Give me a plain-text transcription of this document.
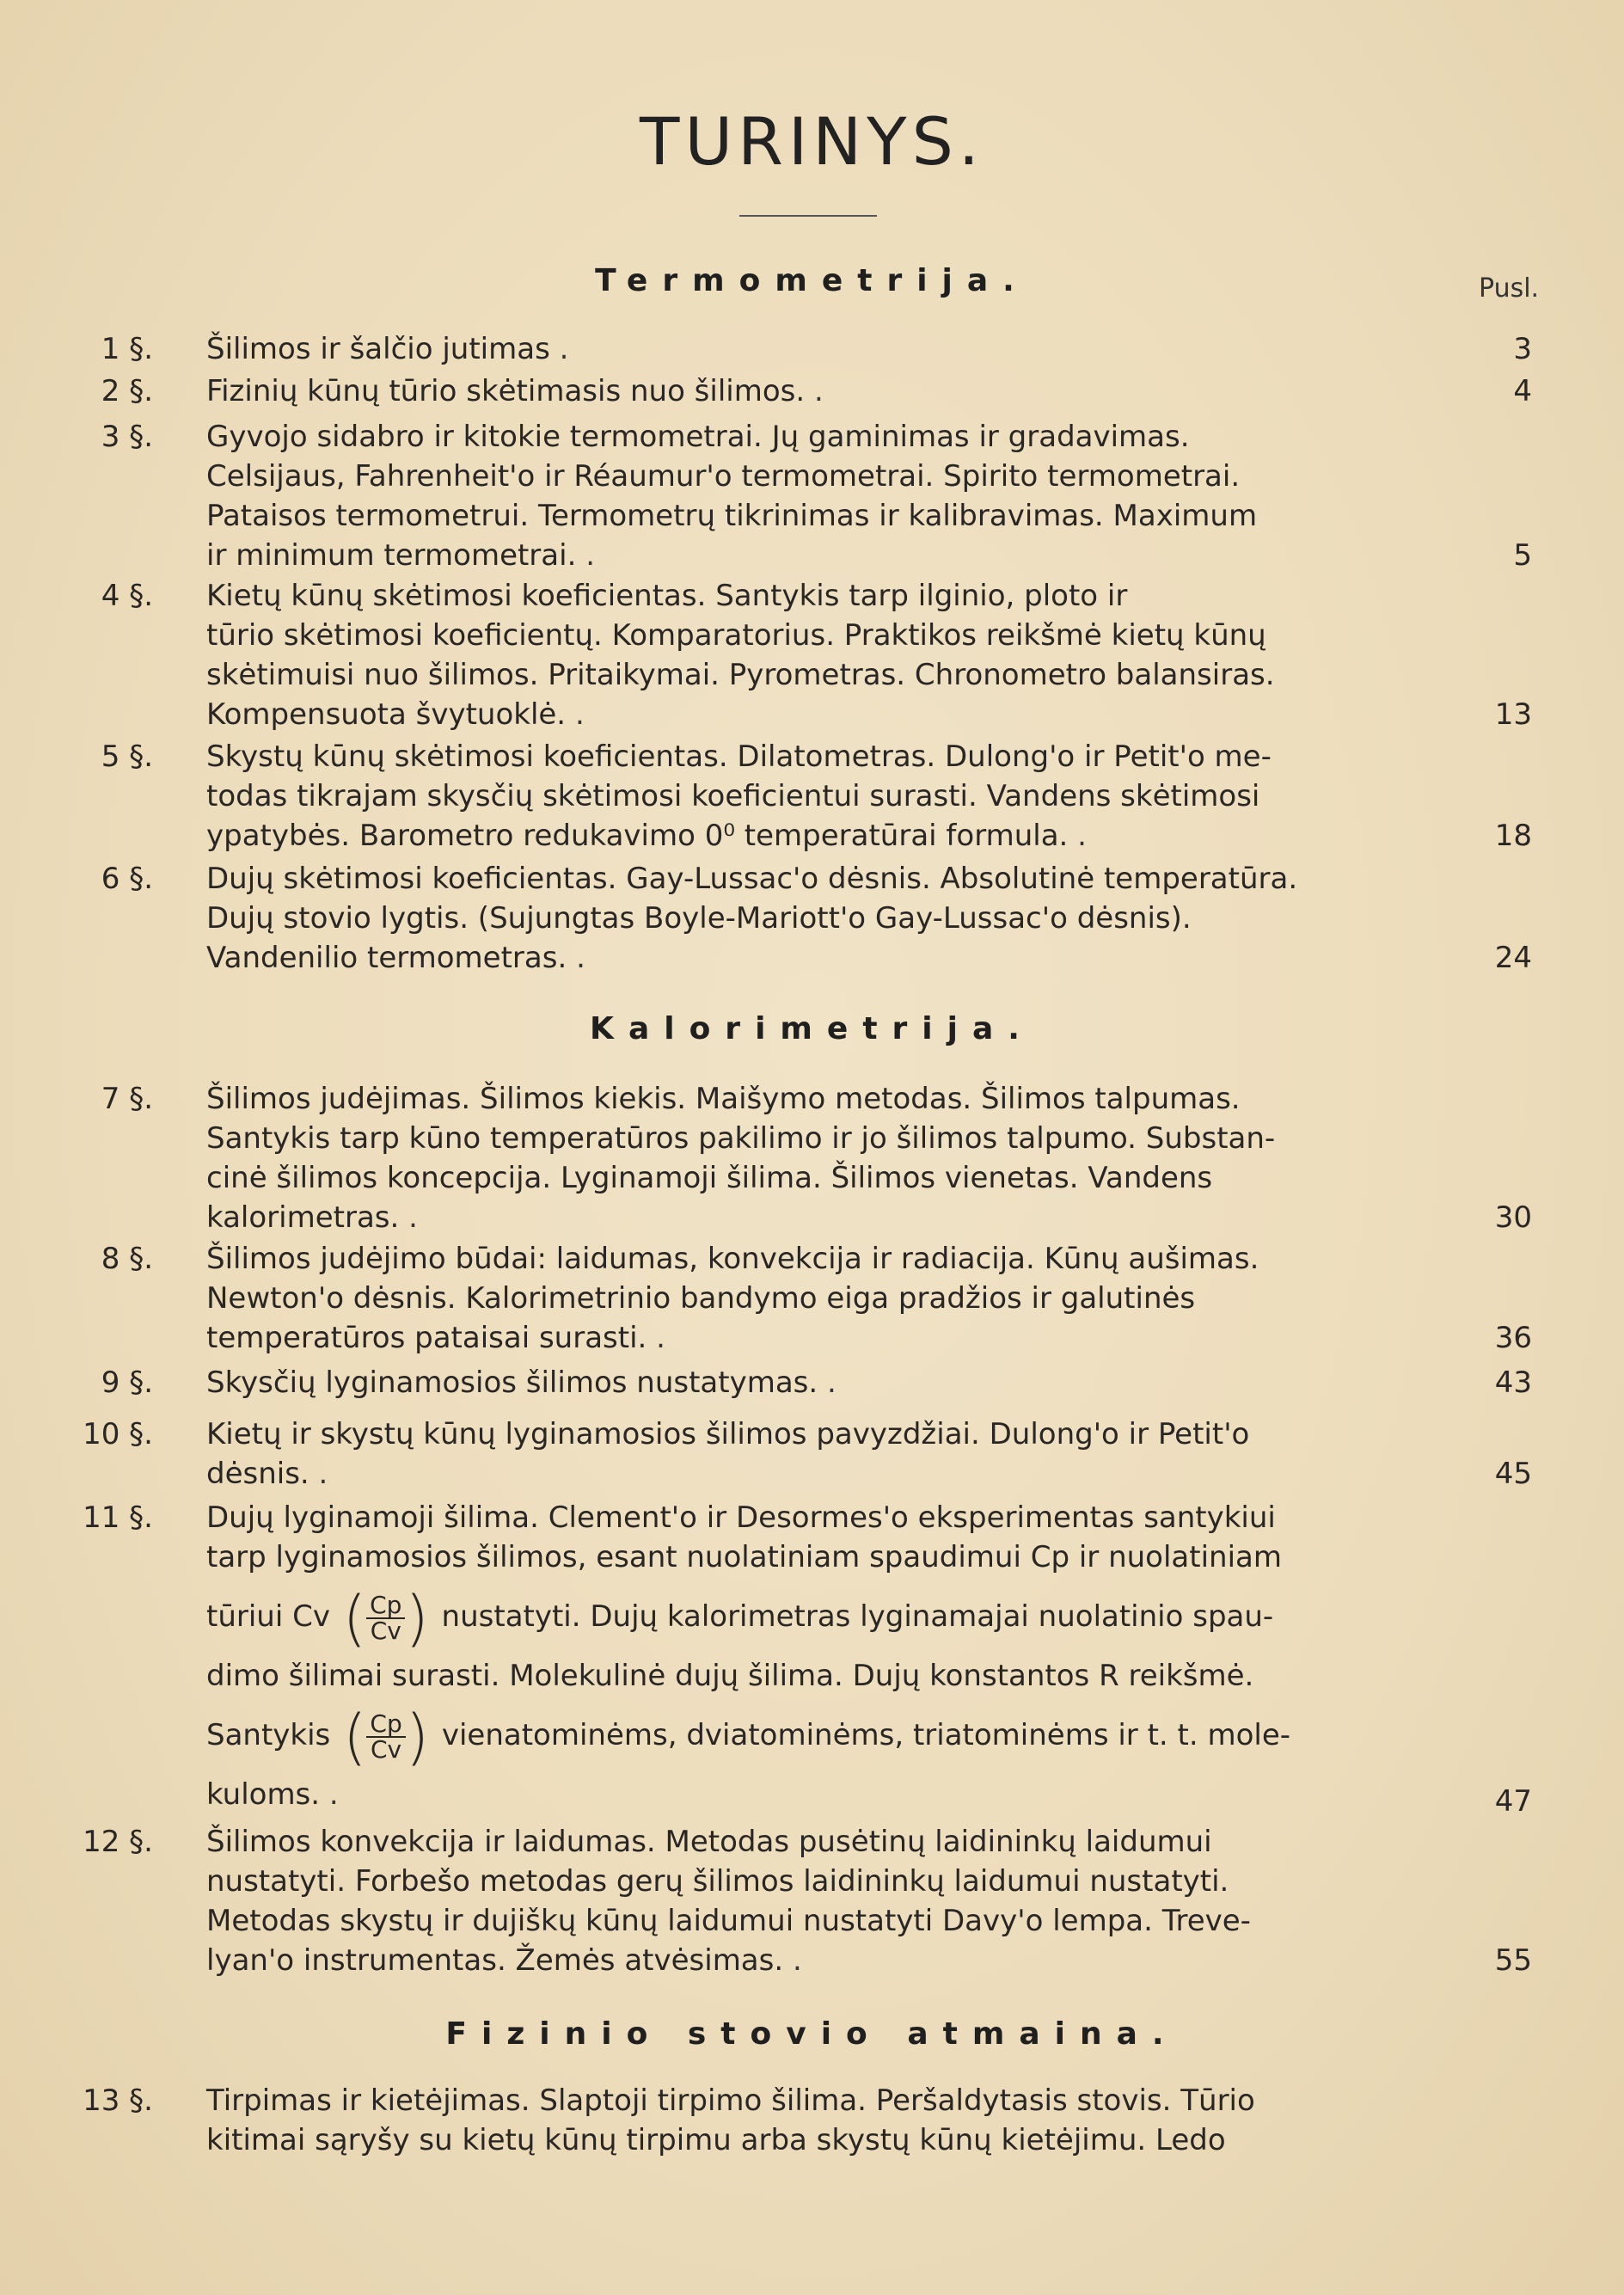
TURINYS.
Pusl.
Termometrija.
1 §. Šilimos ir šalčio jutimas .	3
2 §. Fizinių kūnų tūrio skėtimasis nuo šilimos. .	4
3 §. Gyvojo sidabro ir kitokie termometrai. Jų gaminimas ir gradavimas.
Celsijaus, Fahrenheit'o ir Réaumur'o termometrai. Spirito termometrai.
Pataisos termometrui. Termometrų tikrinimas ir kalibravimas. Maximum
ir minimum termometrai. .	5
4 §. Kietų kūnų skėtimosi koeficientas. Santykis tarp ilginio, ploto ir
tūrio skėtimosi koeficientų. Komparatorius. Praktikos reikšmė kietų kūnų
skėtimuisi nuo šilimos. Pritaikymai. Pyrometras. Chronometro balansiras.
Kompensuota švytuoklė. .	13
5 §. Skystų kūnų skėtimosi koeficientas. Dilatometras. Dulong'o ir Petit'o me-
todas tikrajam skysčių skėtimosi koeficientui surasti. Vandens skėtimosi
ypatybės. Barometro redukavimo 0⁰ temperatūrai formula. .	18
6 §. Dujų skėtimosi koeficientas. Gay-Lussac'o dėsnis. Absolutinė temperatūra.
Dujų stovio lygtis. (Sujungtas Boyle-Mariott'o Gay-Lussac'o dėsnis).
Vandenilio termometras. .	24
Kalorimetrija.
7 §. Šilimos judėjimas. Šilimos kiekis. Maišymo metodas. Šilimos talpumas.
Santykis tarp kūno temperatūros pakilimo ir jo šilimos talpumo. Substan-
cinė šilimos koncepcija. Lyginamoji šilima. Šilimos vienetas. Vandens
kalorimetras. .	30
8 §. Šilimos judėjimo būdai: laidumas, konvekcija ir radiacija. Kūnų aušimas.
Newton'o dėsnis. Kalorimetrinio bandymo eiga pradžios ir galutinės
temperatūros pataisai surasti. .	36
9 §. Skysčių lyginamosios šilimos nustatymas. .	43
10 §. Kietų ir skystų kūnų lyginamosios šilimos pavyzdžiai. Dulong'o ir Petit'o
dėsnis. .	45
11 §. Dujų lyginamoji šilima. Clement'o ir Desormes'o eksperimentas santykiui
tarp lyginamosios šilimos, esant nuolatiniam spaudimui Cp ir nuolatiniam
tūriui Cv ( $\frac{Cp}{Cv}$ ) nustatyti. Dujų kalorimetras lyginamajai nuolatinio spau-
dimo šilimai surasti. Molekulinė dujų šilima. Dujų konstantos R reikšmė.
Santykis ( $\frac{Cp}{Cv}$ ) vienatominėms, dviatominėms, triatominėms ir t. t. mole-
kuloms. .	47
12 §. Šilimos konvekcija ir laidumas. Metodas pusėtinų laidininkų laidumui
nustatyti. Forbešo metodas gerų šilimos laidininkų laidumui nustatyti.
Metodas skystų ir dujiškų kūnų laidumui nustatyti Davy'o lempa. Treve-
lyan'o instrumentas. Žemės atvėsimas. .	55
Fizinio stovio atmaina.
13 §. Tirpimas ir kietėjimas. Slaptoji tirpimo šilima. Peršaldytasis stovis. Tūrio
kitimai sąryšy su kietų kūnų tirpimu arba skystų kūnų kietėjimu. Ledo
